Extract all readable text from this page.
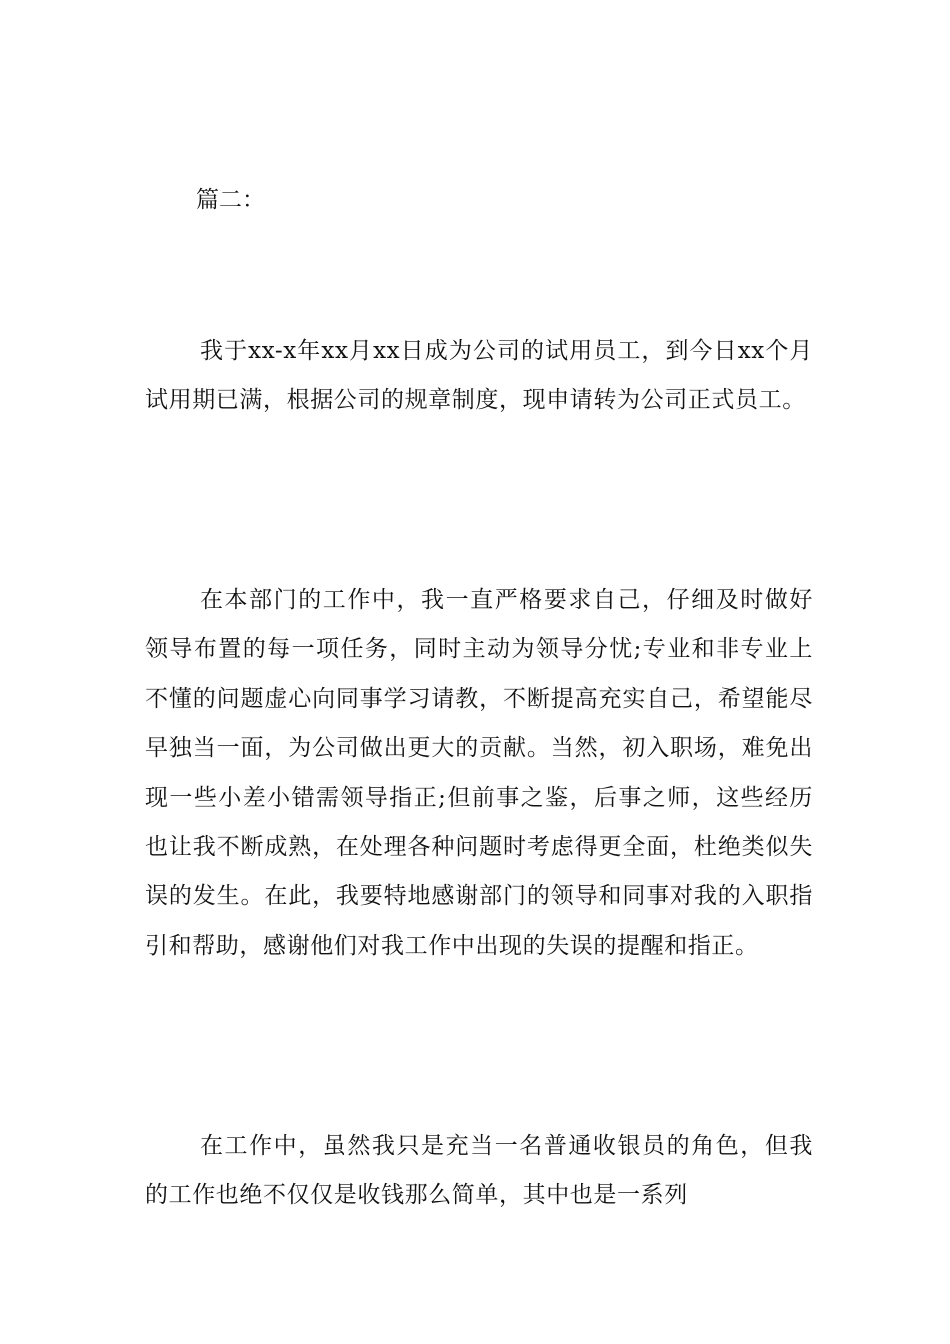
篇二：

我于xx-x年xx月xx日成为公司的试用员工，到今日xx个月试用期已满，根据公司的规章制度，现申请转为公司正式员工。

在本部门的工作中，我一直严格要求自己，仔细及时做好领导布置的每一项任务，同时主动为领导分忧;专业和非专业上不懂的问题虚心向同事学习请教，不断提高充实自己，希望能尽早独当一面，为公司做出更大的贡献。当然，初入职场，难免出现一些小差小错需领导指正;但前事之鉴，后事之师，这些经历也让我不断成熟，在处理各种问题时考虑得更全面，杜绝类似失误的发生。在此，我要特地感谢部门的领导和同事对我的入职指引和帮助，感谢他们对我工作中出现的失误的提醒和指正。

在工作中，虽然我只是充当一名普通收银员的角色，但我的工作也绝不仅仅是收钱那么简单，其中也是一系列
